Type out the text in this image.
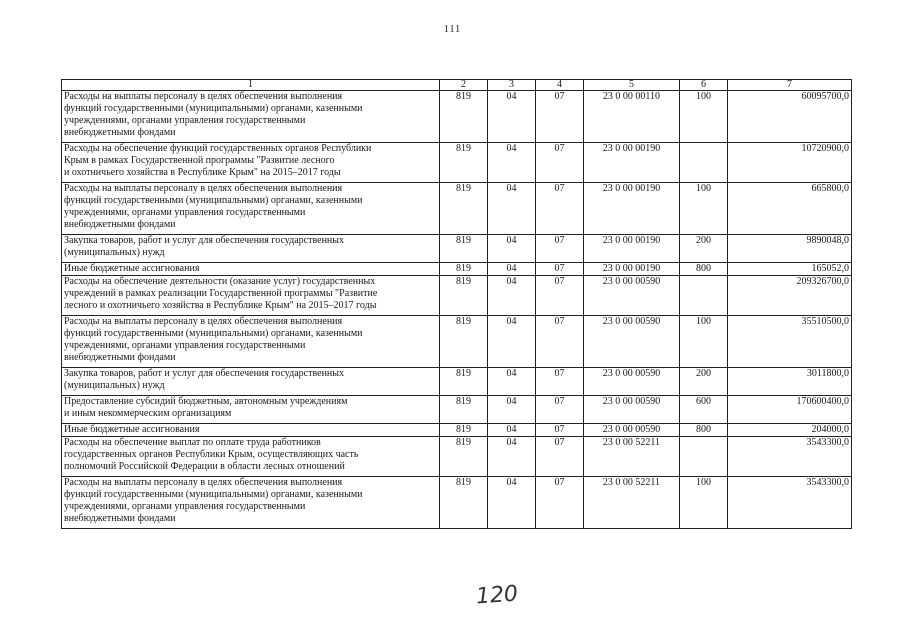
111
1	2	3	4	5	6	7
Расходы на выплаты персоналу в целях обеспечения выполнения
функций государственными (муниципальными) органами, казенными
учреждениями, органами управления государственными
внебюджетными фондами	819	04	07	23 0 00 00110	100	60095700,0
Расходы на обеспечение функций государственных органов Республики
Крым в рамках Государственной программы "Развитие лесного
и охотничьего хозяйства в Республике Крым" на 2015–2017 годы	819	04	07	23 0 00 00190		10720900,0
Расходы на выплаты персоналу в целях обеспечения выполнения
функций государственными (муниципальными) органами, казенными
учреждениями, органами управления государственными
внебюджетными фондами	819	04	07	23 0 00 00190	100	665800,0
Закупка товаров, работ и услуг для обеспечения государственных
(муниципальных) нужд	819	04	07	23 0 00 00190	200	9890048,0
Иные бюджетные ассигнования	819	04	07	23 0 00 00190	800	165052,0
Расходы на обеспечение деятельности (оказание услуг) государственных
учреждений в рамках реализации Государственной программы "Развитие
лесного и охотничьего хозяйства в Республике Крым" на 2015–2017 годы	819	04	07	23 0 00 00590		209326700,0
Расходы на выплаты персоналу в целях обеспечения выполнения
функций государственными (муниципальными) органами, казенными
учреждениями, органами управления государственными
внебюджетными фондами	819	04	07	23 0 00 00590	100	35510500,0
Закупка товаров, работ и услуг для обеспечения государственных
(муниципальных) нужд	819	04	07	23 0 00 00590	200	3011800,0
Предоставление субсидий бюджетным, автономным учреждениям
и иным некоммерческим организациям	819	04	07	23 0 00 00590	600	170600400,0
Иные бюджетные ассигнования	819	04	07	23 0 00 00590	800	204000,0
Расходы на обеспечение выплат по оплате труда работников
государственных органов Республики Крым, осуществляющих часть
полномочий Российской Федерации в области лесных отношений	819	04	07	23 0 00 52211		3543300,0
Расходы на выплаты персоналу в целях обеспечения выполнения
функций государственными (муниципальными) органами, казенными
учреждениями, органами управления государственными
внебюджетными фондами	819	04	07	23 0 00 52211	100	3543300,0
120
